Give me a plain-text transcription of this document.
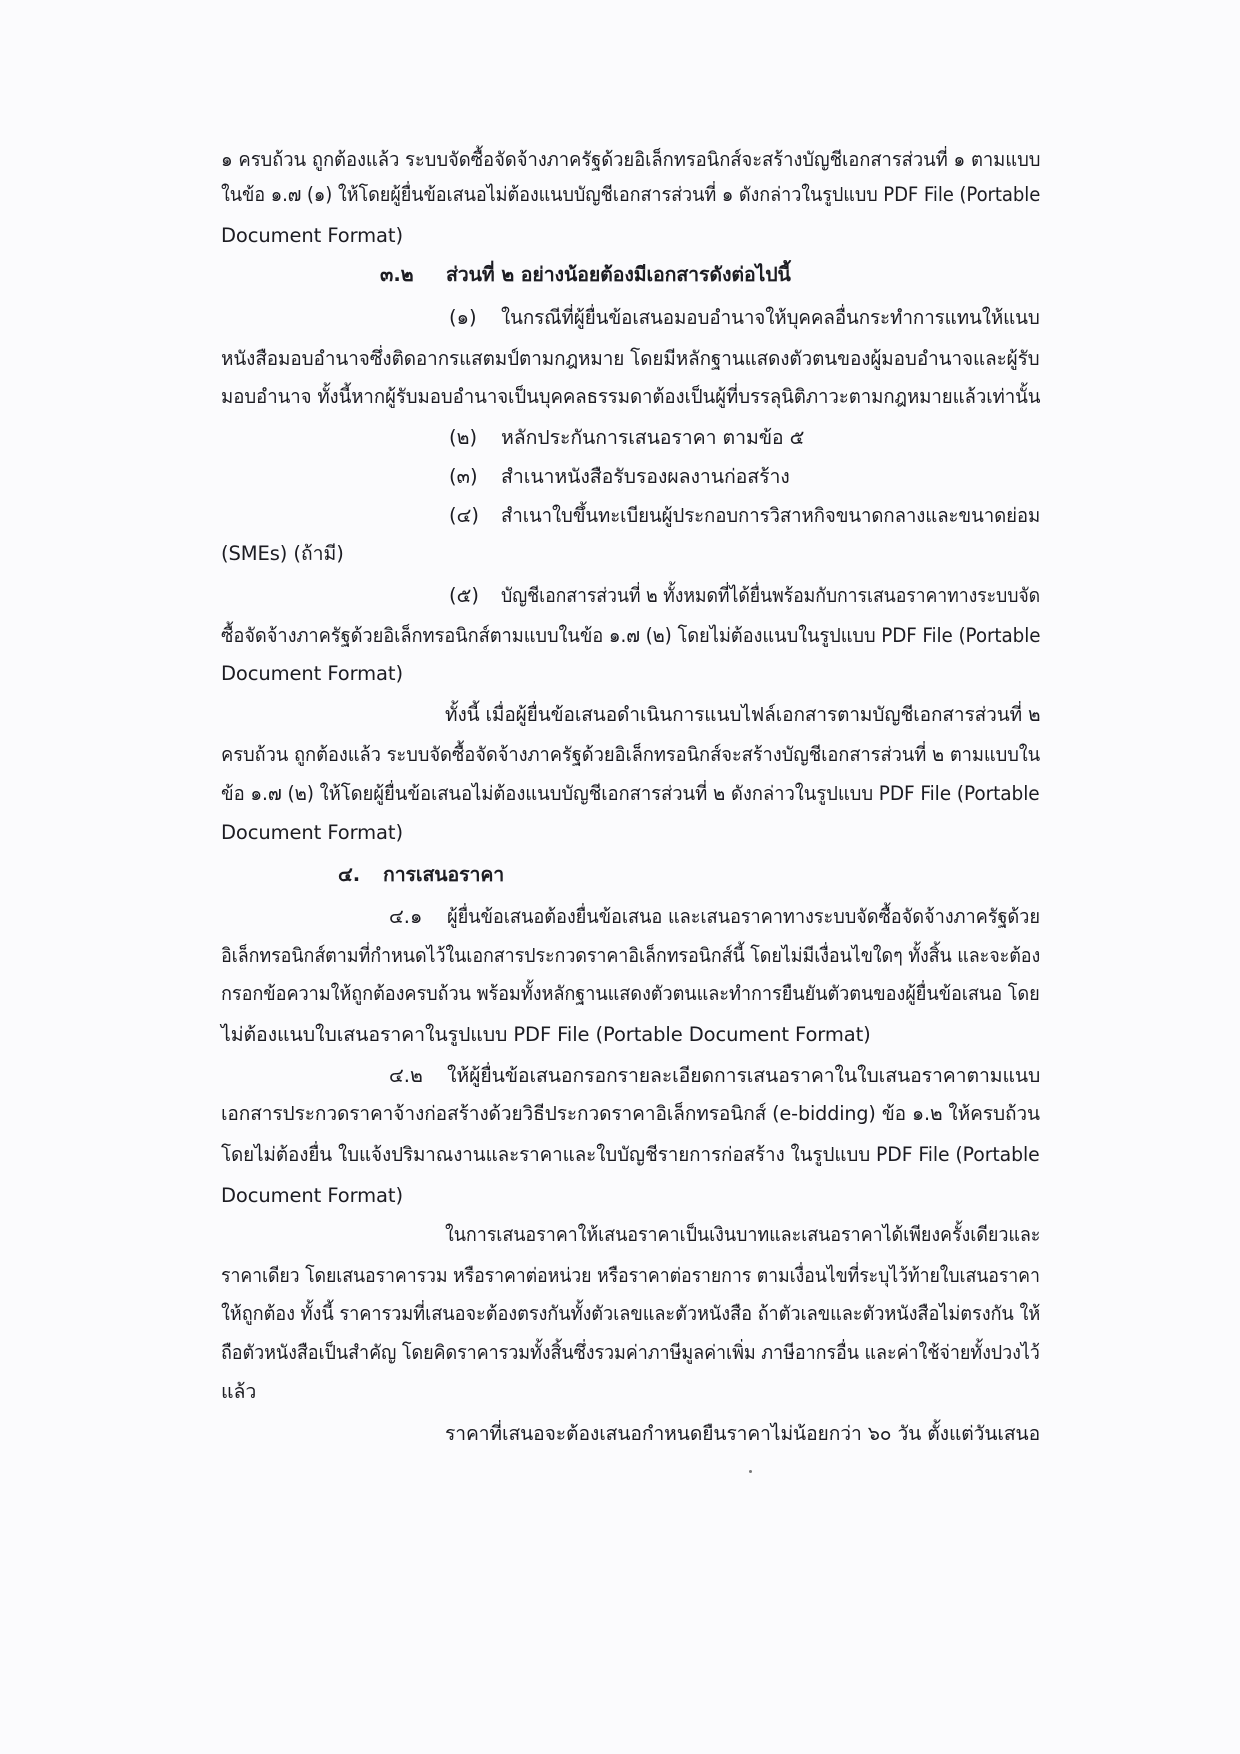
๑ ครบถ้วน ถูกต้องแล้ว ระบบจัดซื้อจัดจ้างภาครัฐด้วยอิเล็กทรอนิกส์จะสร้างบัญชีเอกสารส่วนที่ ๑ ตามแบบ
ในข้อ ๑.๗ (๑) ให้โดยผู้ยื่นข้อเสนอไม่ต้องแนบบัญชีเอกสารส่วนที่ ๑ ดังกล่าวในรูปแบบ PDF File (Portable
Document Format)
๓.๒ ส่วนที่ ๒ อย่างน้อยต้องมีเอกสารดังต่อไปนี้
(๑) ในกรณีที่ผู้ยื่นข้อเสนอมอบอำนาจให้บุคคลอื่นกระทำการแทนให้แนบ
หนังสือมอบอำนาจซึ่งติดอากรแสตมป์ตามกฎหมาย โดยมีหลักฐานแสดงตัวตนของผู้มอบอำนาจและผู้รับ
มอบอำนาจ ทั้งนี้หากผู้รับมอบอำนาจเป็นบุคคลธรรมดาต้องเป็นผู้ที่บรรลุนิติภาวะตามกฎหมายแล้วเท่านั้น
(๒) หลักประกันการเสนอราคา ตามข้อ ๕
(๓) สำเนาหนังสือรับรองผลงานก่อสร้าง
(๔) สำเนาใบขึ้นทะเบียนผู้ประกอบการวิสาหกิจขนาดกลางและขนาดย่อม
(SMEs) (ถ้ามี)
(๕) บัญชีเอกสารส่วนที่ ๒ ทั้งหมดที่ได้ยื่นพร้อมกับการเสนอราคาทางระบบจัด
ซื้อจัดจ้างภาครัฐด้วยอิเล็กทรอนิกส์ตามแบบในข้อ ๑.๗ (๒) โดยไม่ต้องแนบในรูปแบบ PDF File (Portable
Document Format)
ทั้งนี้ เมื่อผู้ยื่นข้อเสนอดำเนินการแนบไฟล์เอกสารตามบัญชีเอกสารส่วนที่ ๒
ครบถ้วน ถูกต้องแล้ว ระบบจัดซื้อจัดจ้างภาครัฐด้วยอิเล็กทรอนิกส์จะสร้างบัญชีเอกสารส่วนที่ ๒ ตามแบบใน
ข้อ ๑.๗ (๒) ให้โดยผู้ยื่นข้อเสนอไม่ต้องแนบบัญชีเอกสารส่วนที่ ๒ ดังกล่าวในรูปแบบ PDF File (Portable
Document Format)
๔. การเสนอราคา
๔.๑ ผู้ยื่นข้อเสนอต้องยื่นข้อเสนอ และเสนอราคาทางระบบจัดซื้อจัดจ้างภาครัฐด้วย
อิเล็กทรอนิกส์ตามที่กำหนดไว้ในเอกสารประกวดราคาอิเล็กทรอนิกส์นี้ โดยไม่มีเงื่อนไขใดๆ ทั้งสิ้น และจะต้อง
กรอกข้อความให้ถูกต้องครบถ้วน พร้อมทั้งหลักฐานแสดงตัวตนและทำการยืนยันตัวตนของผู้ยื่นข้อเสนอ โดย
ไม่ต้องแนบใบเสนอราคาในรูปแบบ PDF File (Portable Document Format)
๔.๒ ให้ผู้ยื่นข้อเสนอกรอกรายละเอียดการเสนอราคาในใบเสนอราคาตามแนบ
เอกสารประกวดราคาจ้างก่อสร้างด้วยวิธีประกวดราคาอิเล็กทรอนิกส์ (e-bidding) ข้อ ๑.๒ ให้ครบถ้วน
โดยไม่ต้องยื่น ใบแจ้งปริมาณงานและราคาและใบบัญชีรายการก่อสร้าง ในรูปแบบ PDF File (Portable
Document Format)
ในการเสนอราคาให้เสนอราคาเป็นเงินบาทและเสนอราคาได้เพียงครั้งเดียวและ
ราคาเดียว โดยเสนอราคารวม หรือราคาต่อหน่วย หรือราคาต่อรายการ ตามเงื่อนไขที่ระบุไว้ท้ายใบเสนอราคา
ให้ถูกต้อง ทั้งนี้ ราคารวมที่เสนอจะต้องตรงกันทั้งตัวเลขและตัวหนังสือ ถ้าตัวเลขและตัวหนังสือไม่ตรงกัน ให้
ถือตัวหนังสือเป็นสำคัญ โดยคิดราคารวมทั้งสิ้นซึ่งรวมค่าภาษีมูลค่าเพิ่ม ภาษีอากรอื่น และค่าใช้จ่ายทั้งปวงไว้
แล้ว
ราคาที่เสนอจะต้องเสนอกำหนดยืนราคาไม่น้อยกว่า ๖๐ วัน ตั้งแต่วันเสนอ
